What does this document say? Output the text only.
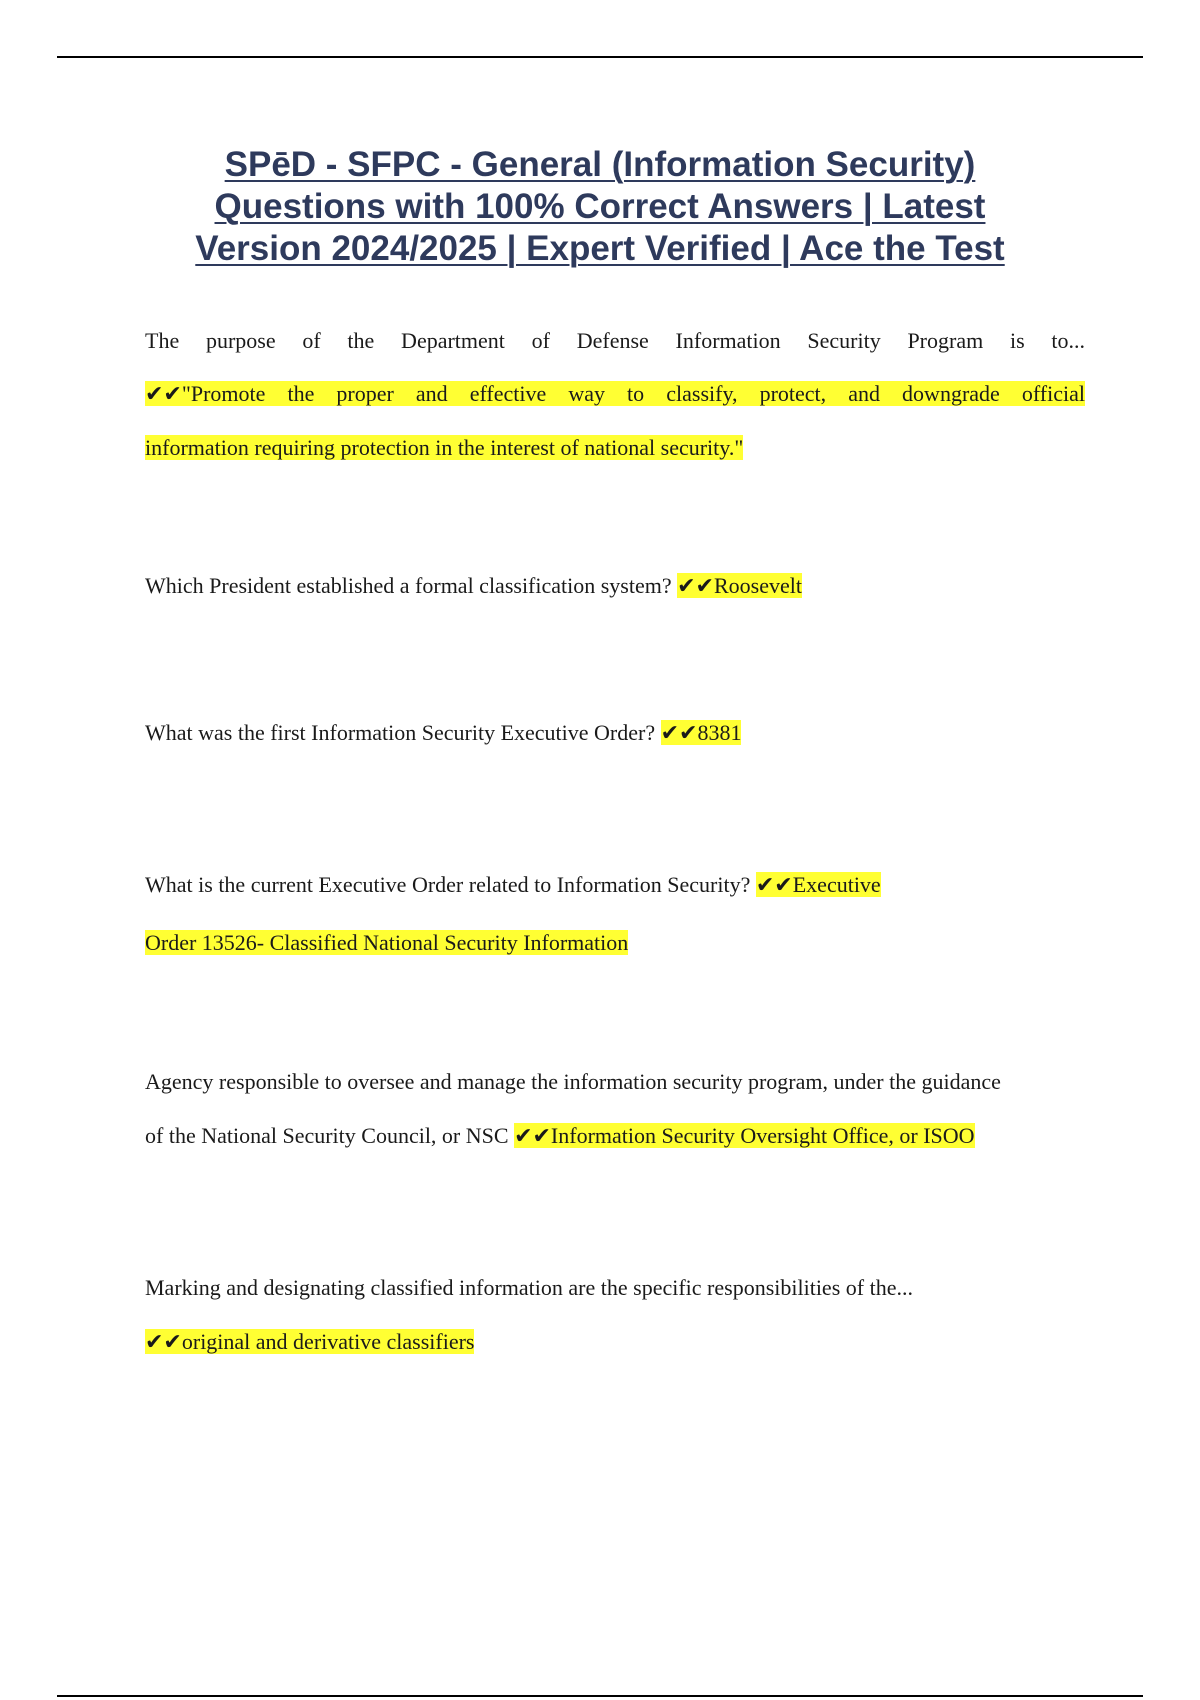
SPēD - SFPC - General (Information Security)
Questions with 100% Correct Answers | Latest
Version 2024/2025 | Expert Verified | Ace the Test
The purpose of the Department of Defense Information Security Program is to...
✔✔"Promote the proper and effective way to classify, protect, and downgrade official
information requiring protection in the interest of national security."
Which President established a formal classification system? ✔✔Roosevelt
What was the first Information Security Executive Order? ✔✔8381
What is the current Executive Order related to Information Security? ✔✔Executive
Order 13526- Classified National Security Information
Agency responsible to oversee and manage the information security program, under the guidance
of the National Security Council, or NSC ✔✔Information Security Oversight Office, or ISOO
Marking and designating classified information are the specific responsibilities of the...
✔✔original and derivative classifiers
